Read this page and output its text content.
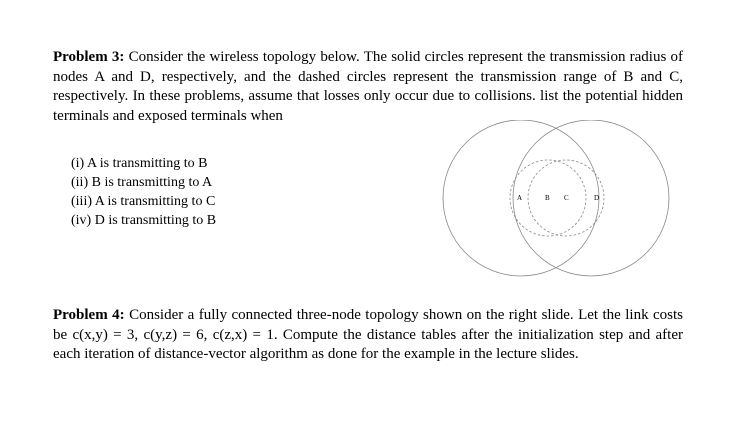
Problem 3: Consider the wireless topology below. The solid circles represent the transmission radius of nodes A and D, respectively, and the dashed circles represent the transmission range of B and C, respectively. In these problems, assume that losses only occur due to collisions. list the potential hidden terminals and exposed terminals when
(i) A is transmitting to B
(ii) B is transmitting to A
(iii) A is transmitting to C
(iv) D is transmitting to B
A	B C	D
Problem 4: Consider a fully connected three-node topology shown on the right slide. Let the link costs be c(x,y) = 3, c(y,z) = 6, c(z,x) = 1. Compute the distance tables after the initialization step and after each iteration of distance-vector algorithm as done for the example in the lecture slides.
